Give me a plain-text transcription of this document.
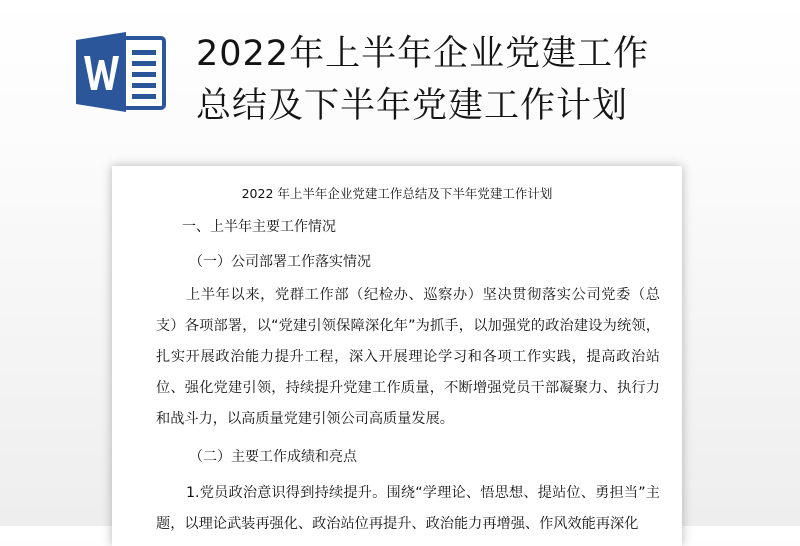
2022年上半年企业党建工作
总结及下半年党建工作计划
2022 年上半年企业党建工作总结及下半年党建工作计划
一、上半年主要工作情况
（一）公司部署工作落实情况

上半年以来，党群工作部（纪检办、巡察办）坚决贯彻落实公司党委（总支）各项部署，以“党建引领保障深化年”为抓手，以加强党的政治建设为统领，扎实开展政治能力提升工程，深入开展理论学习和各项工作实践，提高政治站位、强化党建引领，持续提升党建工作质量，不断增强党员干部凝聚力、执行力和战斗力，以高质量党建引领公司高质量发展。

（二）主要工作成绩和亮点

1.党员政治意识得到持续提升。围绕“学理论、悟思想、提站位、勇担当”主题，以理论武装再强化、政治站位再提升、政治能力再增强、作风效能再深化
